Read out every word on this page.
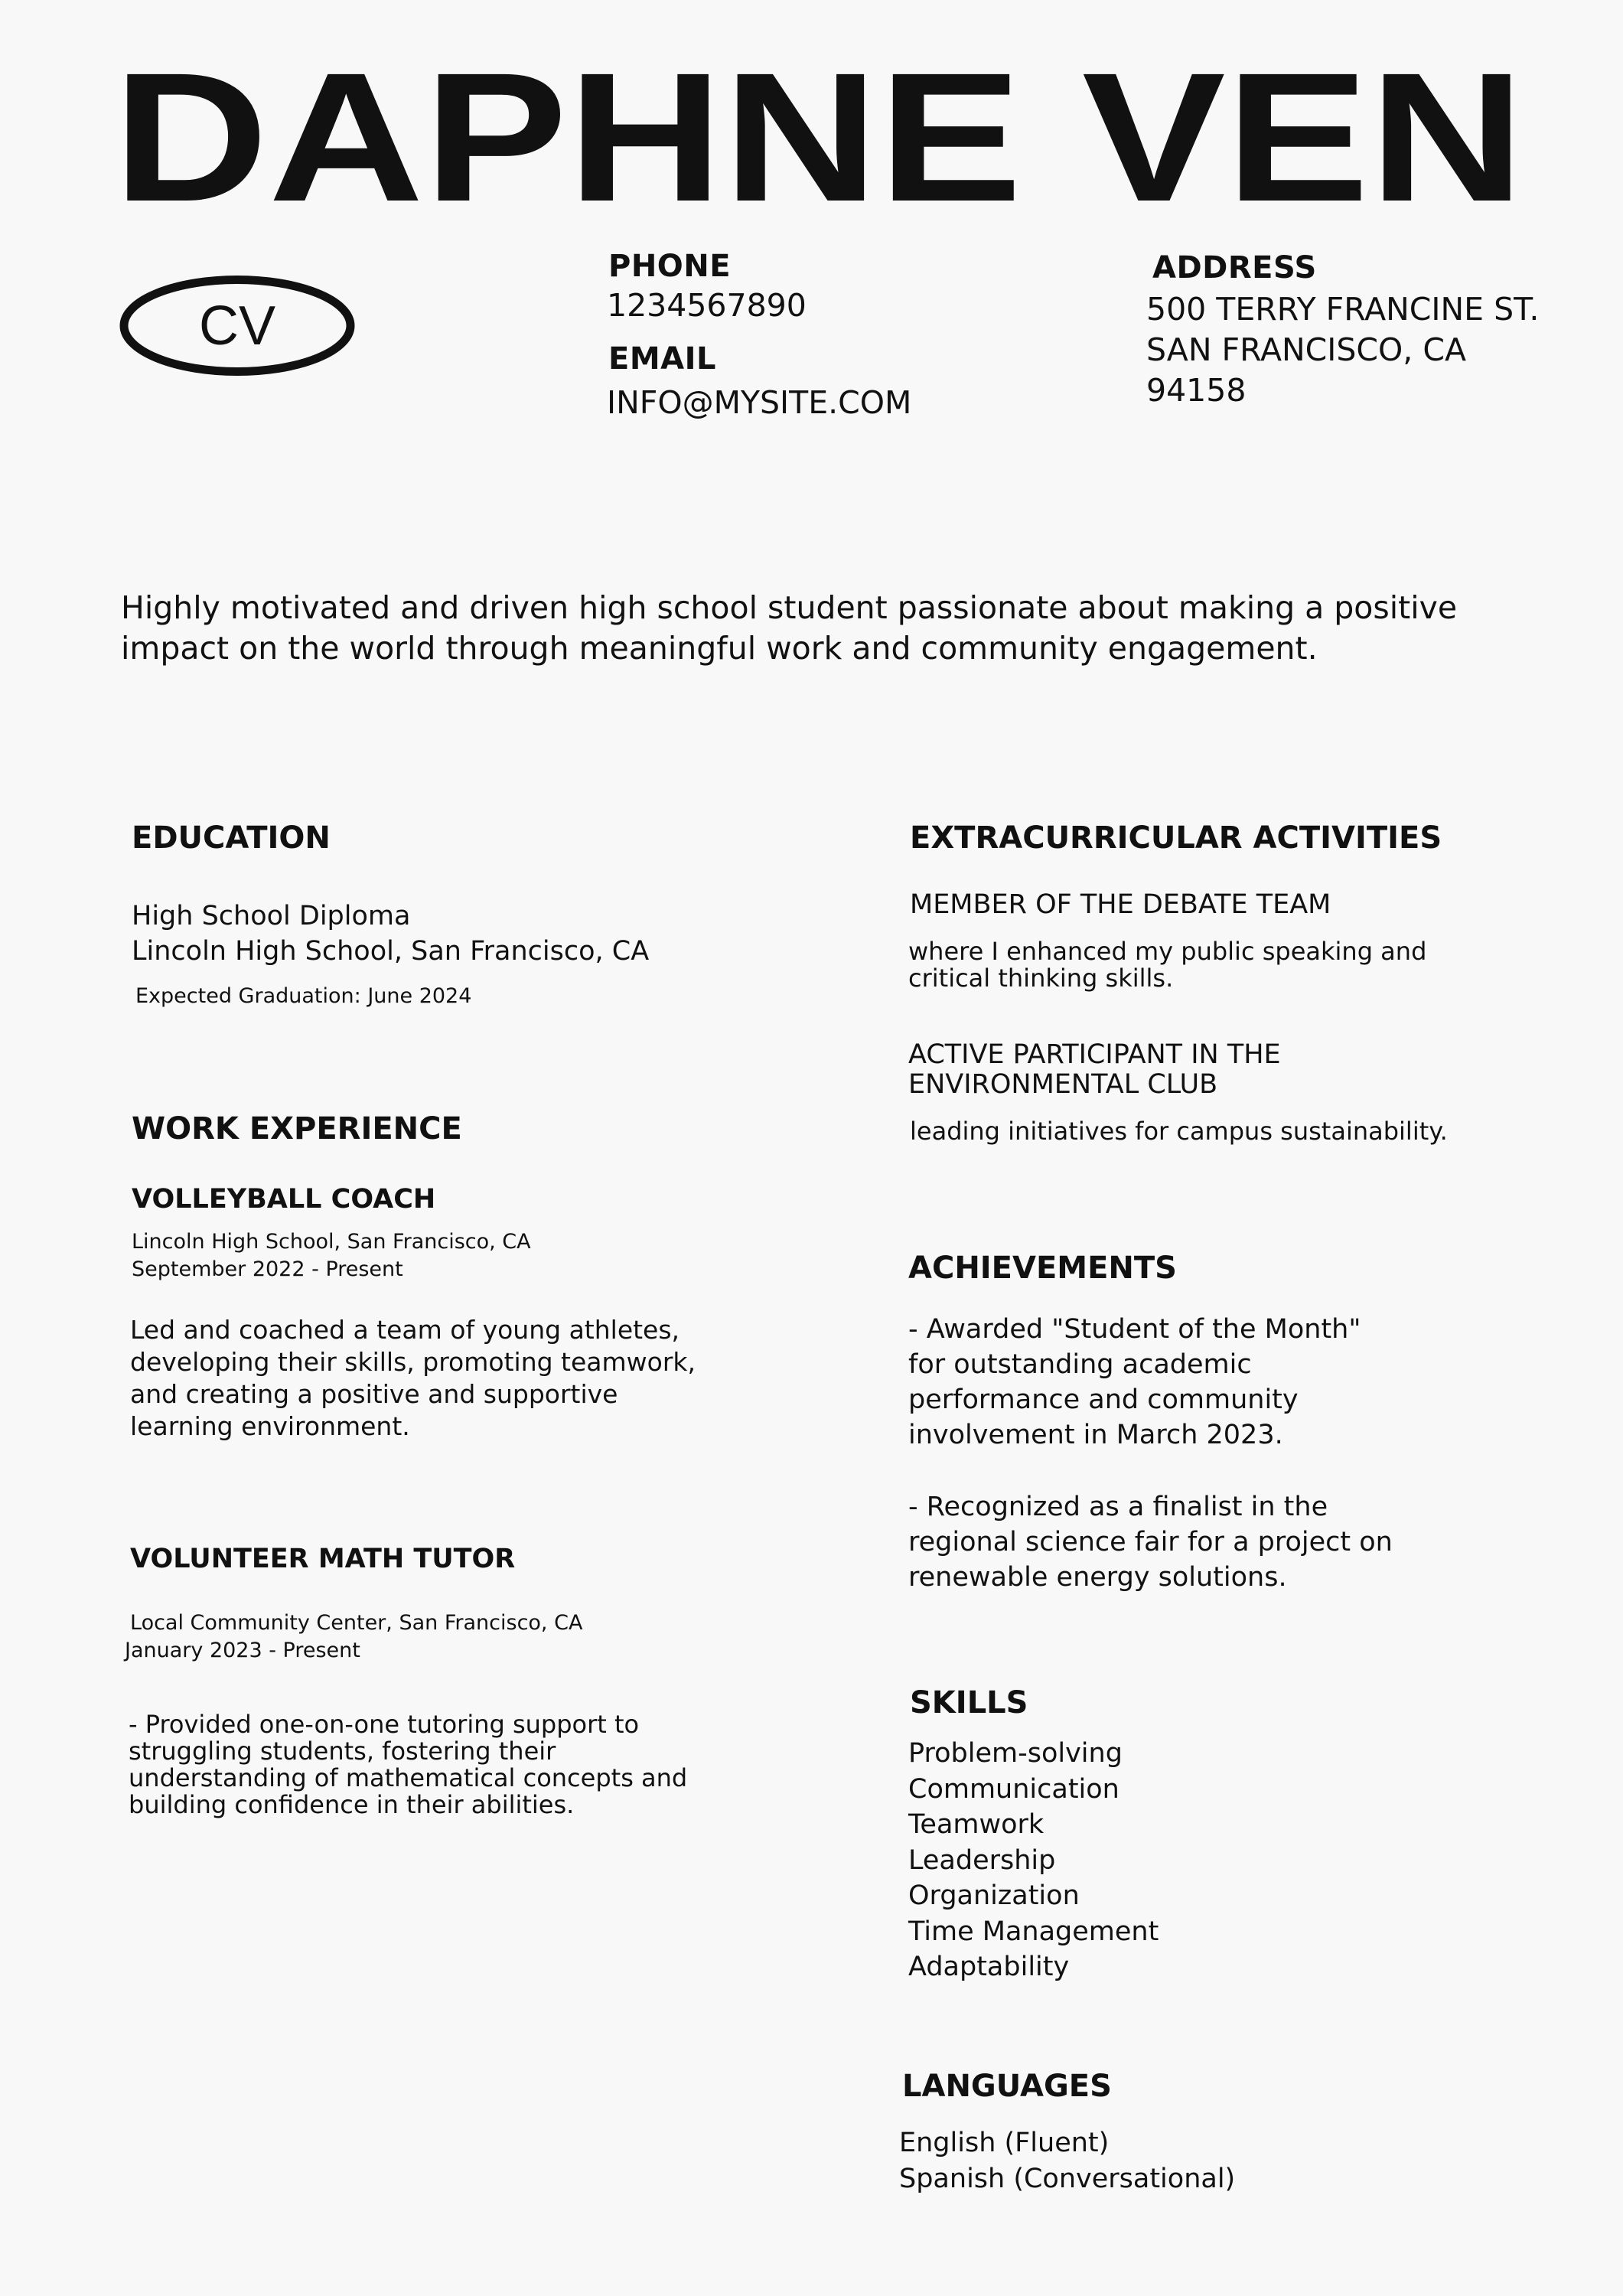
DAPHNE VEN
CV

PHONE

1234567890

EMAIL

INFO@MYSITE.COM

ADDRESS

500 TERRY FRANCINE ST.

SAN FRANCISCO, CA

94158

Highly motivated and driven high school student passionate about making a positive impact on the world through meaningful work and community engagement.

EDUCATION

High School Diploma

Lincoln High School, San Francisco, CA

Expected Graduation: June 2024

WORK EXPERIENCE

VOLLEYBALL COACH

Lincoln High School, San Francisco, CA

September 2022 - Present

Led and coached a team of young athletes, developing their skills, promoting teamwork, and creating a positive and supportive learning environment.

VOLUNTEER MATH TUTOR

Local Community Center, San Francisco, CA

January 2023 - Present

- Provided one-on-one tutoring support to struggling students, fostering their understanding of mathematical concepts and building confidence in their abilities.

EXTRACURRICULAR ACTIVITIES

MEMBER OF THE DEBATE TEAM

where I enhanced my public speaking and critical thinking skills.

ACTIVE PARTICIPANT IN THE ENVIRONMENTAL CLUB

leading initiatives for campus sustainability.

ACHIEVEMENTS

- Awarded "Student of the Month" for outstanding academic performance and community involvement in March 2023.

- Recognized as a finalist in the regional science fair for a project on renewable energy solutions.

SKILLS
Problem-solving
Communication
Teamwork
Leadership
Organization
Time Management
Adaptability
LANGUAGES
English (Fluent)
Spanish (Conversational)
